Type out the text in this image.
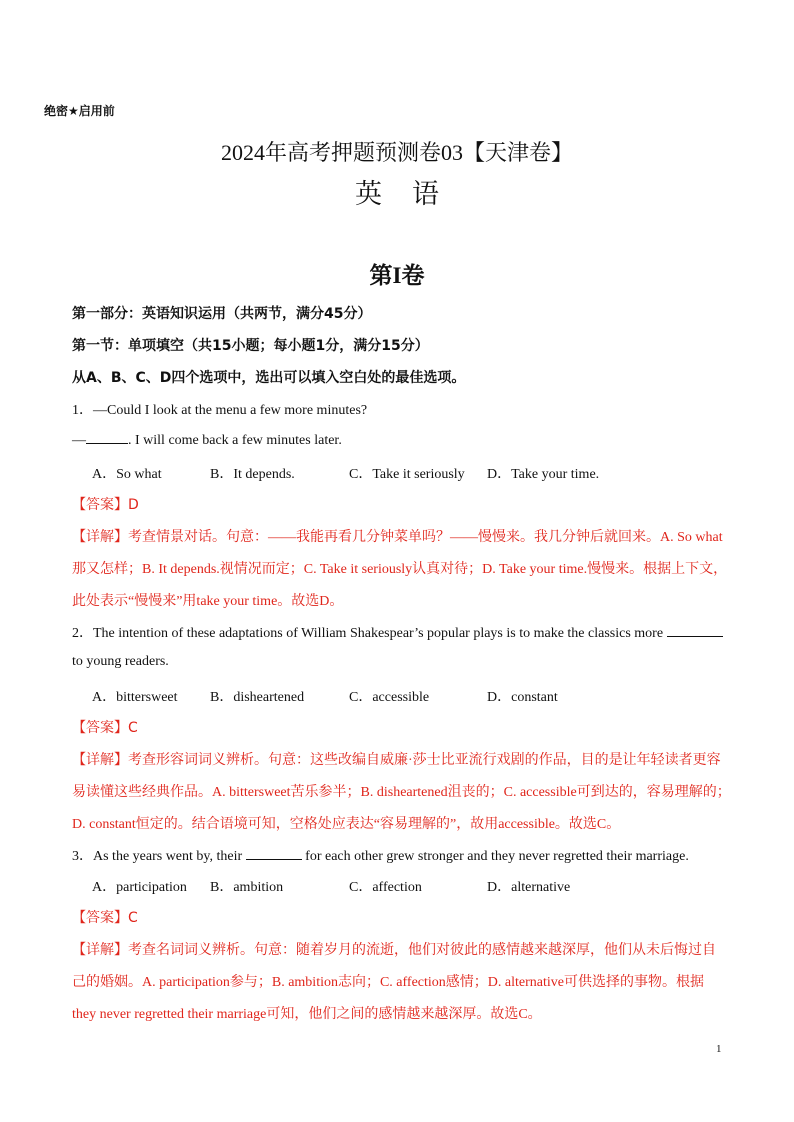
绝密★启用前
2024年高考押题预测卷03【天津卷】
英语
第I卷
第一部分：英语知识运用（共两节，满分45分）
第一节：单项填空（共15小题；每小题1分，满分15分）
从A、B、C、D四个选项中，选出可以填入空白处的最佳选项。
1．—Could I look at the menu a few more minutes?
—	. I will come back a few minutes later.
A．So what	B．It depends.	C．Take it seriously D．Take your time.
【答案】D
【详解】考查情景对话。句意：——我能再看几分钟菜单吗？——慢慢来。我几分钟后就回来。A. So what
那又怎样；B. It depends.视情况而定；C. Take it seriously认真对待；D. Take your time.慢慢来。根据上下文，
此处表示“慢慢来”用take your time。故选D。
2．The intention of these adaptations of William Shakespear’s popular plays is to make the classics more
to young readers.
A．bittersweet B．disheartened	C．accessible	D．constant
【答案】C
【详解】考查形容词词义辨析。句意：这些改编自威廉·莎士比亚流行戏剧的作品，目的是让年轻读者更容
易读懂这些经典作品。A. bittersweet苦乐参半；B. disheartened沮丧的；C. accessible可到达的，容易理解的；
D. constant恒定的。结合语境可知，空格处应表达“容易理解的”，故用accessible。故选C。
3．As the years went by, their	for each other grew stronger and they never regretted their marriage.
A．participation B．ambition	C．affection	D．alternative
【答案】C
【详解】考查名词词义辨析。句意：随着岁月的流逝，他们对彼此的感情越来越深厚，他们从未后悔过自
己的婚姻。A. participation参与；B. ambition志向；C. affection感情；D. alternative可供选择的事物。根据
they never regretted their marriage可知，他们之间的感情越来越深厚。故选C。
1
